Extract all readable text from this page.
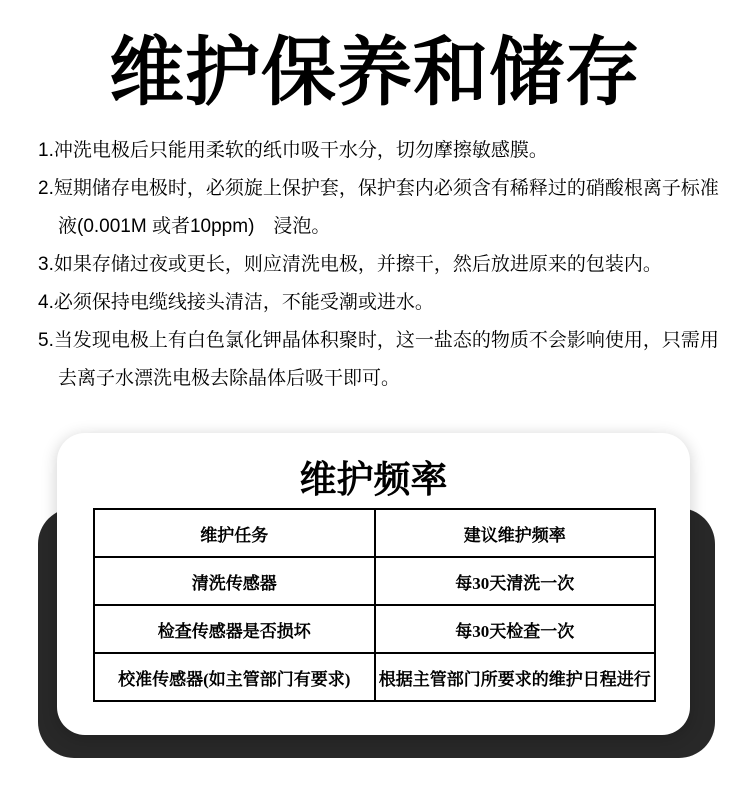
维护保养和储存
1.冲洗电极后只能用柔软的纸巾吸干水分，切勿摩擦敏感膜。
2.短期储存电极时，必须旋上保护套，保护套内必须含有稀释过的硝酸根离子标准
液(0.001M 或者10ppm)　浸泡。
3.如果存储过夜或更长，则应清洗电极，并擦干，然后放进原来的包装内。
4.必须保持电缆线接头清洁，不能受潮或进水。
5.当发现电极上有白色氯化钾晶体积聚时，这一盐态的物质不会影响使用，只需用
去离子水漂洗电极去除晶体后吸干即可。
维护频率
维护任务	建议维护频率
清洗传感器	每30天清洗一次
检查传感器是否损坏	每30天检查一次
校准传感器(如主管部门有要求)	根据主管部门所要求的维护日程进行
